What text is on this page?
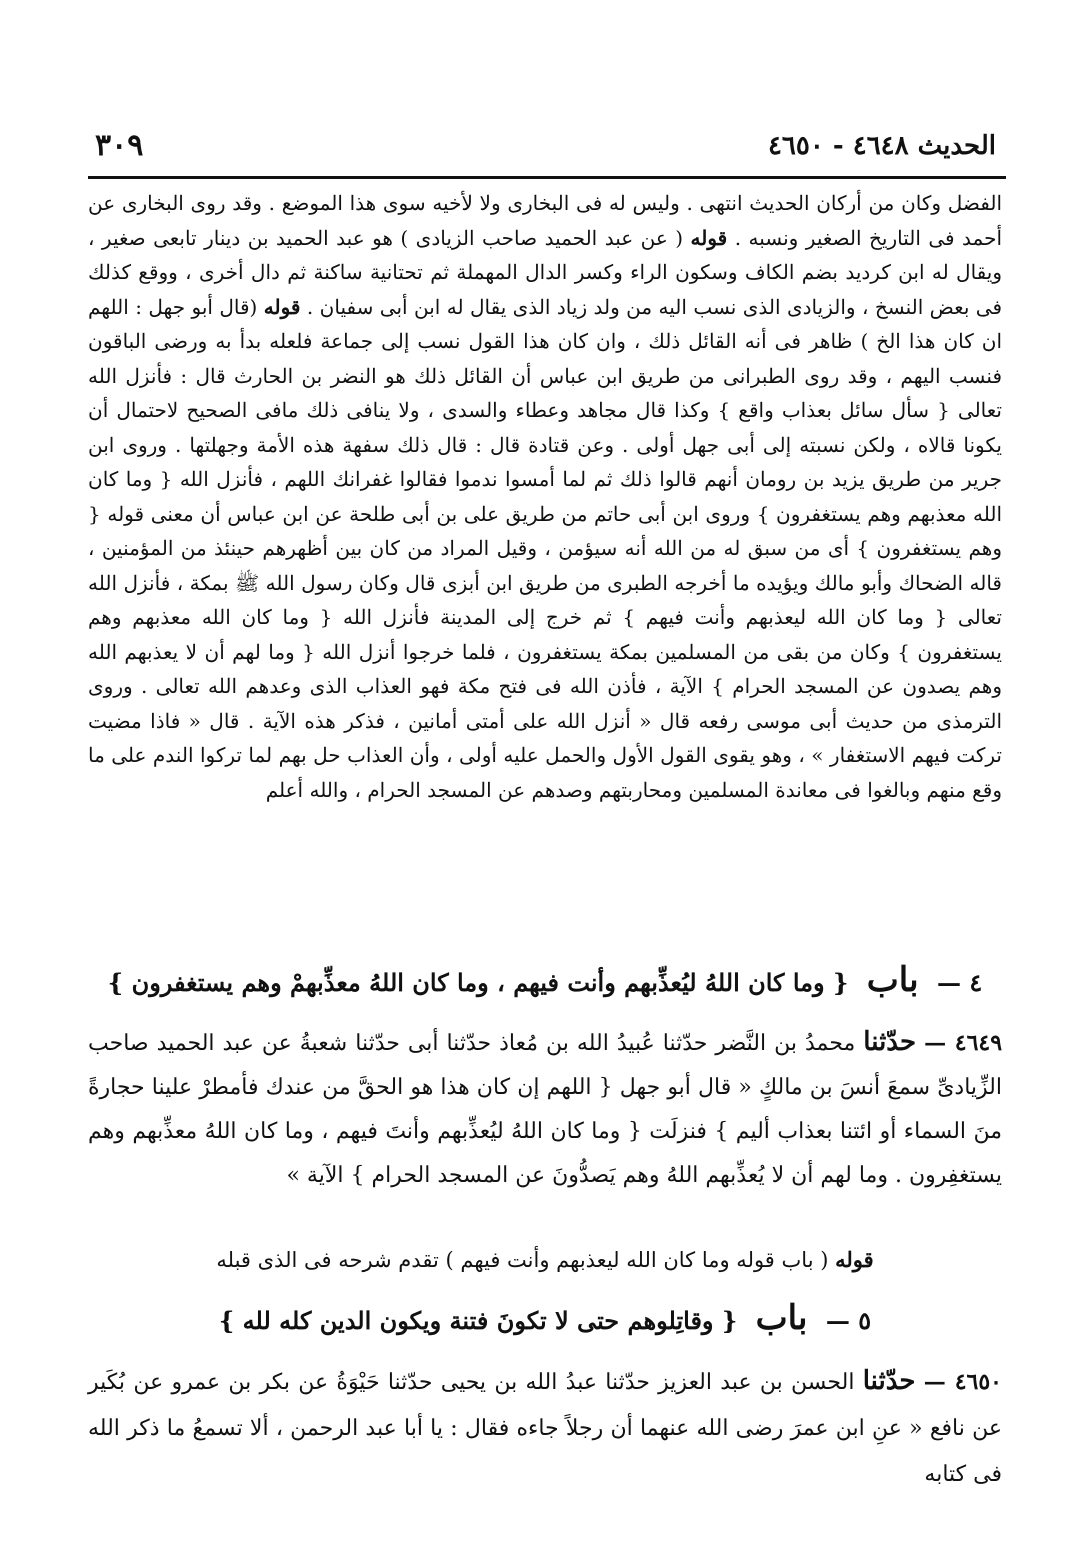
الحديث ٤٦٤٨ - ٤٦٥٠
٣٠٩

الفضل وكان من أركان الحديث انتهى . وليس له فى البخارى ولا لأخيه سوى هذا الموضع . وقد روى البخارى عن أحمد فى التاريخ الصغير ونسبه . قوله ( عن عبد الحميد صاحب الزيادى ) هو عبد الحميد بن دينار تابعى صغير ، ويقال له ابن كرديد بضم الكاف وسكون الراء وكسر الدال المهملة ثم تحتانية ساكنة ثم دال أخرى ، ووقع كذلك فى بعض النسخ ، والزيادى الذى نسب اليه من ولد زياد الذى يقال له ابن أبى سفيان . قوله (قال أبو جهل : اللهم ان كان هذا الخ ) ظاهر فى أنه القائل ذلك ، وان كان هذا القول نسب إلى جماعة فلعله بدأ به ورضى الباقون فنسب اليهم ، وقد روى الطبرانى من طريق ابن عباس أن القائل ذلك هو النضر بن الحارث قال : فأنزل الله تعالى { سأل سائل بعذاب واقع } وكذا قال مجاهد وعطاء والسدى ، ولا ينافى ذلك مافى الصحيح لاحتمال أن يكونا قالاه ، ولكن نسبته إلى أبى جهل أولى . وعن قتادة قال : قال ذلك سفهة هذه الأمة وجهلتها . وروى ابن جرير من طريق يزيد بن رومان أنهم قالوا ذلك ثم لما أمسوا ندموا فقالوا غفرانك اللهم ، فأنزل الله { وما كان الله معذبهم وهم يستغفرون } وروى ابن أبى حاتم من طريق على بن أبى طلحة عن ابن عباس أن معنى قوله { وهم يستغفرون } أى من سبق له من الله أنه سيؤمن ، وقيل المراد من كان بين أظهرهم حينئذ من المؤمنين ، قاله الضحاك وأبو مالك ويؤيده ما أخرجه الطبرى من طريق ابن أبزى قال وكان رسول الله ﷺ بمكة ، فأنزل الله تعالى { وما كان الله ليعذبهم وأنت فيهم } ثم خرج إلى المدينة فأنزل الله { وما كان الله معذبهم وهم يستغفرون } وكان من بقى من المسلمين بمكة يستغفرون ، فلما خرجوا أنزل الله { وما لهم أن لا يعذبهم الله وهم يصدون عن المسجد الحرام } الآية ، فأذن الله فى فتح مكة فهو العذاب الذى وعدهم الله تعالى . وروى الترمذى من حديث أبى موسى رفعه قال « أنزل الله على أمتى أمانين ، فذكر هذه الآية . قال « فاذا مضيت تركت فيهم الاستغفار » ، وهو يقوى القول الأول والحمل عليه أولى ، وأن العذاب حل بهم لما تركوا الندم على ما وقع منهم وبالغوا فى معاندة المسلمين ومحاربتهم وصدهم عن المسجد الحرام ، والله أعلم

٤ — باب { وما كان اللهُ ليُعذِّبهم وأنت فيهم ، وما كان اللهُ معذِّبهمْ وهم يستغفرون }
٤٦٤٩ — حدّثنا محمدُ بن النَّضر حدّثنا عُبيدُ الله بن مُعاذ حدّثنا أبى حدّثنا شعبةُ عن عبد الحميد صاحب الزِّيادىِّ سمعَ أنسَ بن مالكٍ « قال أبو جهل { اللهم إن كان هذا هو الحقَّ من عندك فأمطرْ علينا حجارةً منَ السماء أو ائتنا بعذاب أليم } فنزلَت { وما كان اللهُ ليُعذِّبهم وأنتَ فيهم ، وما كان اللهُ معذِّبهم وهم يستغفِرون . وما لهم أن لا يُعذِّبهم اللهُ وهم يَصدُّونَ عن المسجد الحرام } الآية »
قوله ( باب قوله وما كان الله ليعذبهم وأنت فيهم ) تقدم شرحه فى الذى قبله
٥ — باب { وقاتِلوهم حتى لا تكونَ فتنة ويكون الدين كله لله }
٤٦٥٠ — حدّثنا الحسن بن عبد العزيز حدّثنا عبدُ الله بن يحيى حدّثنا حَيْوَةُ عن بكر بن عمرو عن بُكَير عن نافع « عنِ ابن عمرَ رضى الله عنهما أن رجلاً جاءه فقال : يا أبا عبد الرحمن ، ألا تسمعُ ما ذكر الله فى كتابه
